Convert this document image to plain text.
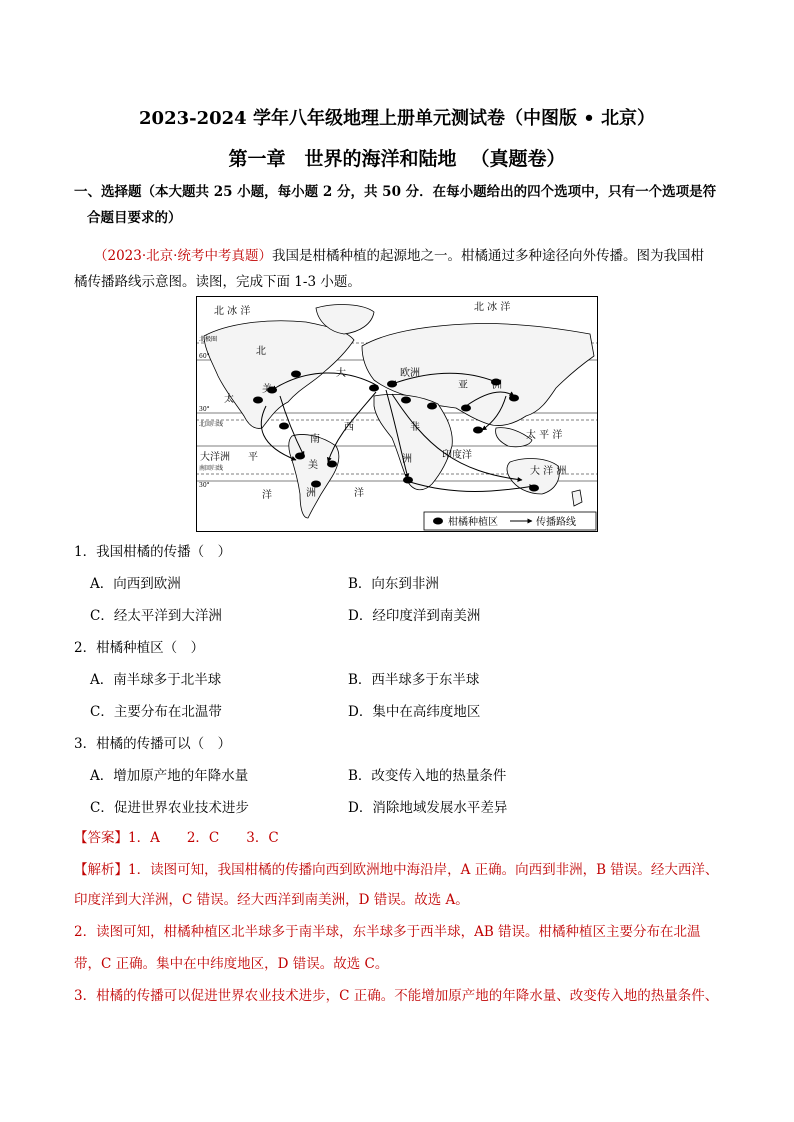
2023-2024 学年八年级地理上册单元测试卷（中图版 • 北京）
第一章　世界的海洋和陆地 （真题卷）
一、选择题（本大题共 25 小题，每小题 2 分，共 50 分．在每小题给出的四个选项中，只有一个选项是符
合题目要求的）
（2023·北京·统考中考真题）我国是柑橘种植的起源地之一。柑橘通过多种途径向外传播。图为我国柑
橘传播路线示意图。读图，完成下面 1-3 小题。
北 冰 洋	北 冰 洋
北
美
太
大
西
欧洲
亚 洲
非
洲
南
美
洲
太 平 洋
印度洋
大洋洲 平
洋	洋
大 洋 洲
北极圈
60°
30°
北回归线
南回归线
30°
柑橘种植区	传播路线
1．我国柑橘的传播（　）
A．向西到欧洲	B．向东到非洲
C．经太平洋到大洋洲	D．经印度洋到南美洲
2．柑橘种植区（　）
A．南半球多于北半球	B．西半球多于东半球
C．主要分布在北温带	D．集中在高纬度地区
3．柑橘的传播可以（　）
A．增加原产地的年降水量	B．改变传入地的热量条件
C．促进世界农业技术进步	D．消除地域发展水平差异
【答案】1．A　　2．C　　3．C
【解析】1．读图可知，我国柑橘的传播向西到欧洲地中海沿岸，A 正确。向西到非洲，B 错误。经大西洋、
印度洋到大洋洲，C 错误。经大西洋到南美洲，D 错误。故选 A。
2．读图可知，柑橘种植区北半球多于南半球，东半球多于西半球，AB 错误。柑橘种植区主要分布在北温
带，C 正确。集中在中纬度地区，D 错误。故选 C。
3．柑橘的传播可以促进世界农业技术进步，C 正确。不能增加原产地的年降水量、改变传入地的热量条件、
